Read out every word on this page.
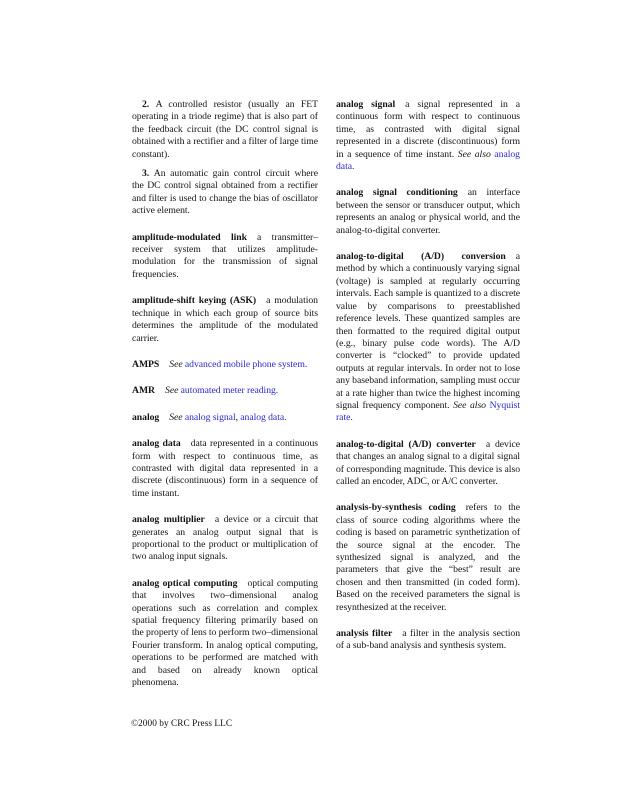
2. A controlled resistor (usually an FET operating in a triode regime) that is also part of the feedback circuit (the DC control signal is obtained with a rectifier and a filter of large time constant).

3. An automatic gain control circuit where the DC control signal obtained from a rectifier and filter is used to change the bias of oscillator active element.

amplitude-modulated link a transmitter–receiver system that utilizes amplitude-modulation for the transmission of signal frequencies.

amplitude-shift keying (ASK) a modulation technique in which each group of source bits determines the amplitude of the modulated carrier.

AMPS See advanced mobile phone system.

AMR See automated meter reading.

analog See analog signal, analog data.

analog data data represented in a continuous form with respect to continuous time, as contrasted with digital data represented in a discrete (discontinuous) form in a sequence of time instant.

analog multiplier a device or a circuit that generates an analog output signal that is proportional to the product or multiplication of two analog input signals.

analog optical computing optical computing that involves two–dimensional analog operations such as correlation and complex spatial frequency filtering primarily based on the property of lens to perform two–dimensional Fourier transform. In analog optical computing, operations to be performed are matched with and based on already known optical phenomena.

analog signal a signal represented in a continuous form with respect to continuous time, as contrasted with digital signal represented in a discrete (discontinuous) form in a sequence of time instant. See also analog data.

analog signal conditioning an interface between the sensor or transducer output, which represents an analog or physical world, and the analog-to-digital converter.

analog-to-digital (A/D) conversion a method by which a continuously varying signal (voltage) is sampled at regularly occurring intervals. Each sample is quantized to a discrete value by comparisons to preestablished reference levels. These quantized samples are then formatted to the required digital output (e.g., binary pulse code words). The A/D converter is “clocked” to provide updated outputs at regular intervals. In order not to lose any baseband information, sampling must occur at a rate higher than twice the highest incoming signal frequency component. See also Nyquist rate.

analog-to-digital (A/D) converter a device that changes an analog signal to a digital signal of corresponding magnitude. This device is also called an encoder, ADC, or A/C converter.

analysis-by-synthesis coding refers to the class of source coding algorithms where the coding is based on parametric synthetization of the source signal at the encoder. The synthesized signal is analyzed, and the parameters that give the “best” result are chosen and then transmitted (in coded form). Based on the received parameters the signal is resynthesized at the receiver.

analysis filter a filter in the analysis section of a sub-band analysis and synthesis system.

©2000 by CRC Press LLC
